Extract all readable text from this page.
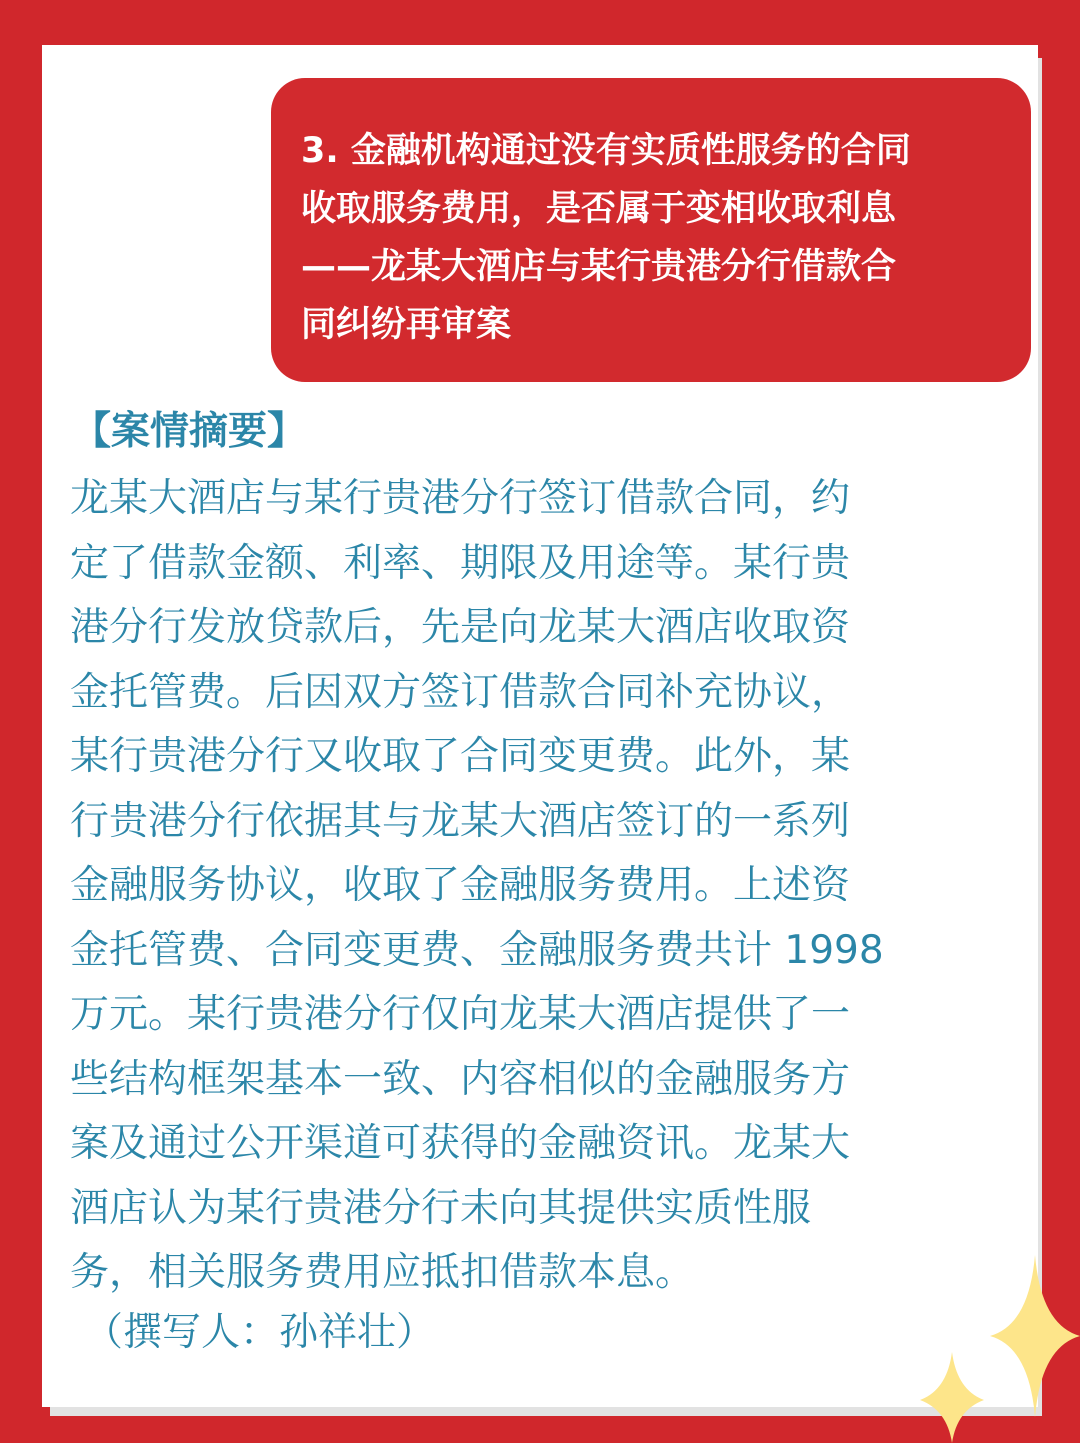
3. 金融机构通过没有实质性服务的合同
收取服务费用，是否属于变相收取利息
——龙某大酒店与某行贵港分行借款合
同纠纷再审案
【案情摘要】
龙某大酒店与某行贵港分行签订借款合同，约
定了借款金额、利率、期限及用途等。某行贵
港分行发放贷款后，先是向龙某大酒店收取资
金托管费。后因双方签订借款合同补充协议，
某行贵港分行又收取了合同变更费。此外，某
行贵港分行依据其与龙某大酒店签订的一系列
金融服务协议，收取了金融服务费用。上述资
金托管费、合同变更费、金融服务费共计 1998
万元。某行贵港分行仅向龙某大酒店提供了一
些结构框架基本一致、内容相似的金融服务方
案及通过公开渠道可获得的金融资讯。龙某大
酒店认为某行贵港分行未向其提供实质性服
务，相关服务费用应抵扣借款本息。
（撰写人：孙祥壮）
